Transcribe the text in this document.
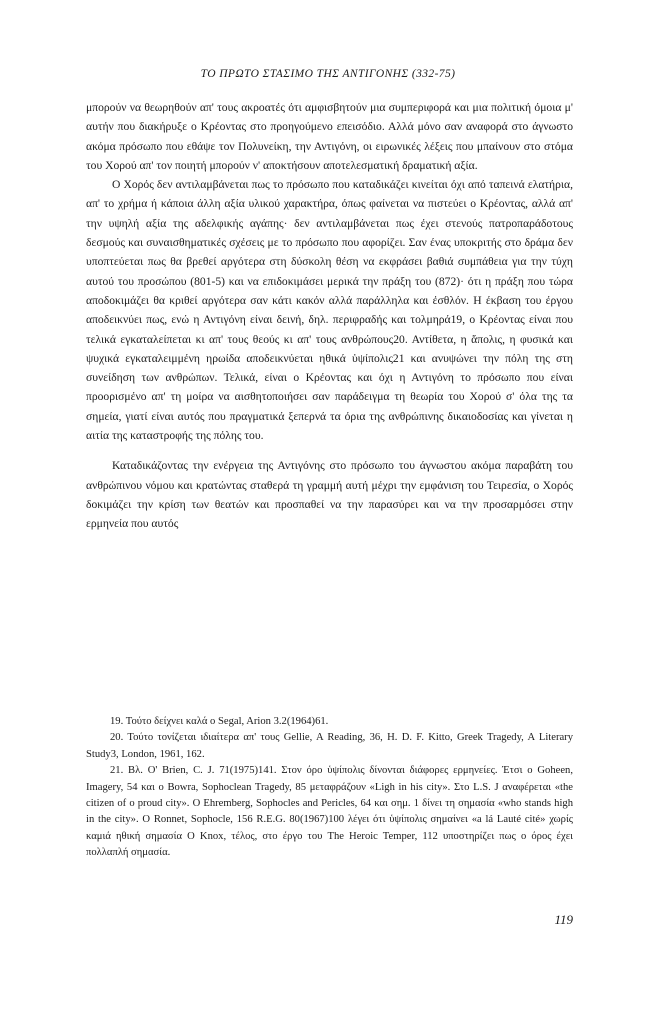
ΤΟ ΠΡΩΤΟ ΣΤΑΣΙΜΟ ΤΗΣ ΑΝΤΙΓΟΝΗΣ (332-75)

μπορούν να θεωρηθούν απ' τους ακροατές ότι αμφισβητούν μια συμπεριφορά και μια πολιτική όμοια μ' αυτήν που διακήρυξε ο Κρέοντας στο προηγούμενο επεισόδιο. Αλλά μόνο σαν αναφορά στο άγνωστο ακόμα πρόσωπο που εθάψε τον Πολυνείκη, την Αντιγόνη, οι ειρωνικές λέξεις που μπαίνουν στο στόμα του Χορού απ' τον ποιητή μπορούν ν' αποκτήσουν αποτελεσματική δραματική αξία.

Ο Χορός δεν αντιλαμβάνεται πως το πρόσωπο που καταδικάζει κινείται όχι από ταπεινά ελατήρια, απ' το χρήμα ή κάποια άλλη αξία υλικού χαρακτήρα, όπως φαίνεται να πιστεύει ο Κρέοντας, αλλά απ' την υψηλή αξία της αδελφικής αγάπης· δεν αντιλαμβάνεται πως έχει στενούς πατροπαράδοτους δεσμούς και συναισθηματικές σχέσεις με το πρόσωπο που αφορίζει. Σαν ένας υποκριτής στο δράμα δεν υποπτεύεται πως θα βρεθεί αργότερα στη δύσκολη θέση να εκφράσει βαθιά συμπάθεια για την τύχη αυτού του προσώπου (801-5) και να επιδοκιμάσει μερικά την πράξη του (872)· ότι η πράξη που τώρα αποδοκιμάζει θα κριθεί αργότερα σαν κάτι κακόν αλλά παράλληλα και ἐσθλόν. Η έκβαση του έργου αποδεικνύει πως, ενώ η Αντιγόνη είναι δεινή, δηλ. περιφραδής και τολμηρά19, ο Κρέοντας είναι που τελικά εγκαταλείπεται κι απ' τους θεούς κι απ' τους ανθρώπους20. Αντίθετα, η ἄπολις, η φυσικά και ψυχικά εγκαταλειμμένη ηρωίδα αποδεικνύεται ηθικά ὑψίπολις21 και ανυψώνει την πόλη της στη συνείδηση των ανθρώπων. Τελικά, είναι ο Κρέοντας και όχι η Αντιγόνη το πρόσωπο που είναι προορισμένο απ' τη μοίρα να αισθητοποιήσει σαν παράδειγμα τη θεωρία του Χορού σ' όλα της τα σημεία, γιατί είναι αυτός που πραγματικά ξεπερνά τα όρια της ανθρώπινης δικαιοδοσίας και γίνεται η αιτία της καταστροφής της πόλης του.

Καταδικάζοντας την ενέργεια της Αντιγόνης στο πρόσωπο του άγνωστου ακόμα παραβάτη του ανθρώπινου νόμου και κρατώντας σταθερά τη γραμμή αυτή μέχρι την εμφάνιση του Τειρεσία, ο Χορός δοκιμάζει την κρίση των θεατών και προσπαθεί να την παρασύρει και να την προσαρμόσει στην ερμηνεία που αυτός

19. Τούτο δείχνει καλά ο Segal, Arion 3.2(1964)61.

20. Τούτο τονίζεται ιδιαίτερα απ' τους Gellie, A Reading, 36, H. D. F. Kitto, Greek Tragedy, A Literary Study3, London, 1961, 162.

21. Βλ. O' Brien, C. J. 71(1975)141. Στον όρο ὑψίπολις δίνονται διάφορες ερμηνείες. Έτσι ο Goheen, Imagery, 54 και ο Bowra, Sophoclean Tragedy, 85 μεταφράζουν «Ligh in his city». Στο L.S. J αναφέρεται «the citizen of o proud city». Ο Ehremberg, Sophocles and Pericles, 64 και σημ. 1 δίνει τη σημασία «who stands high in the city». Ο Ronnet, Sophocle, 156 R.E.G. 80(1967)100 λέγει ότι ὑψίπολις σημαίνει «a lá Lauté cité» χωρίς καμιά ηθική σημασία Ο Knox, τέλος, στο έργο του The Heroic Temper, 112 υποστηρίζει πως ο όρος έχει πολλαπλή σημασία.

119
